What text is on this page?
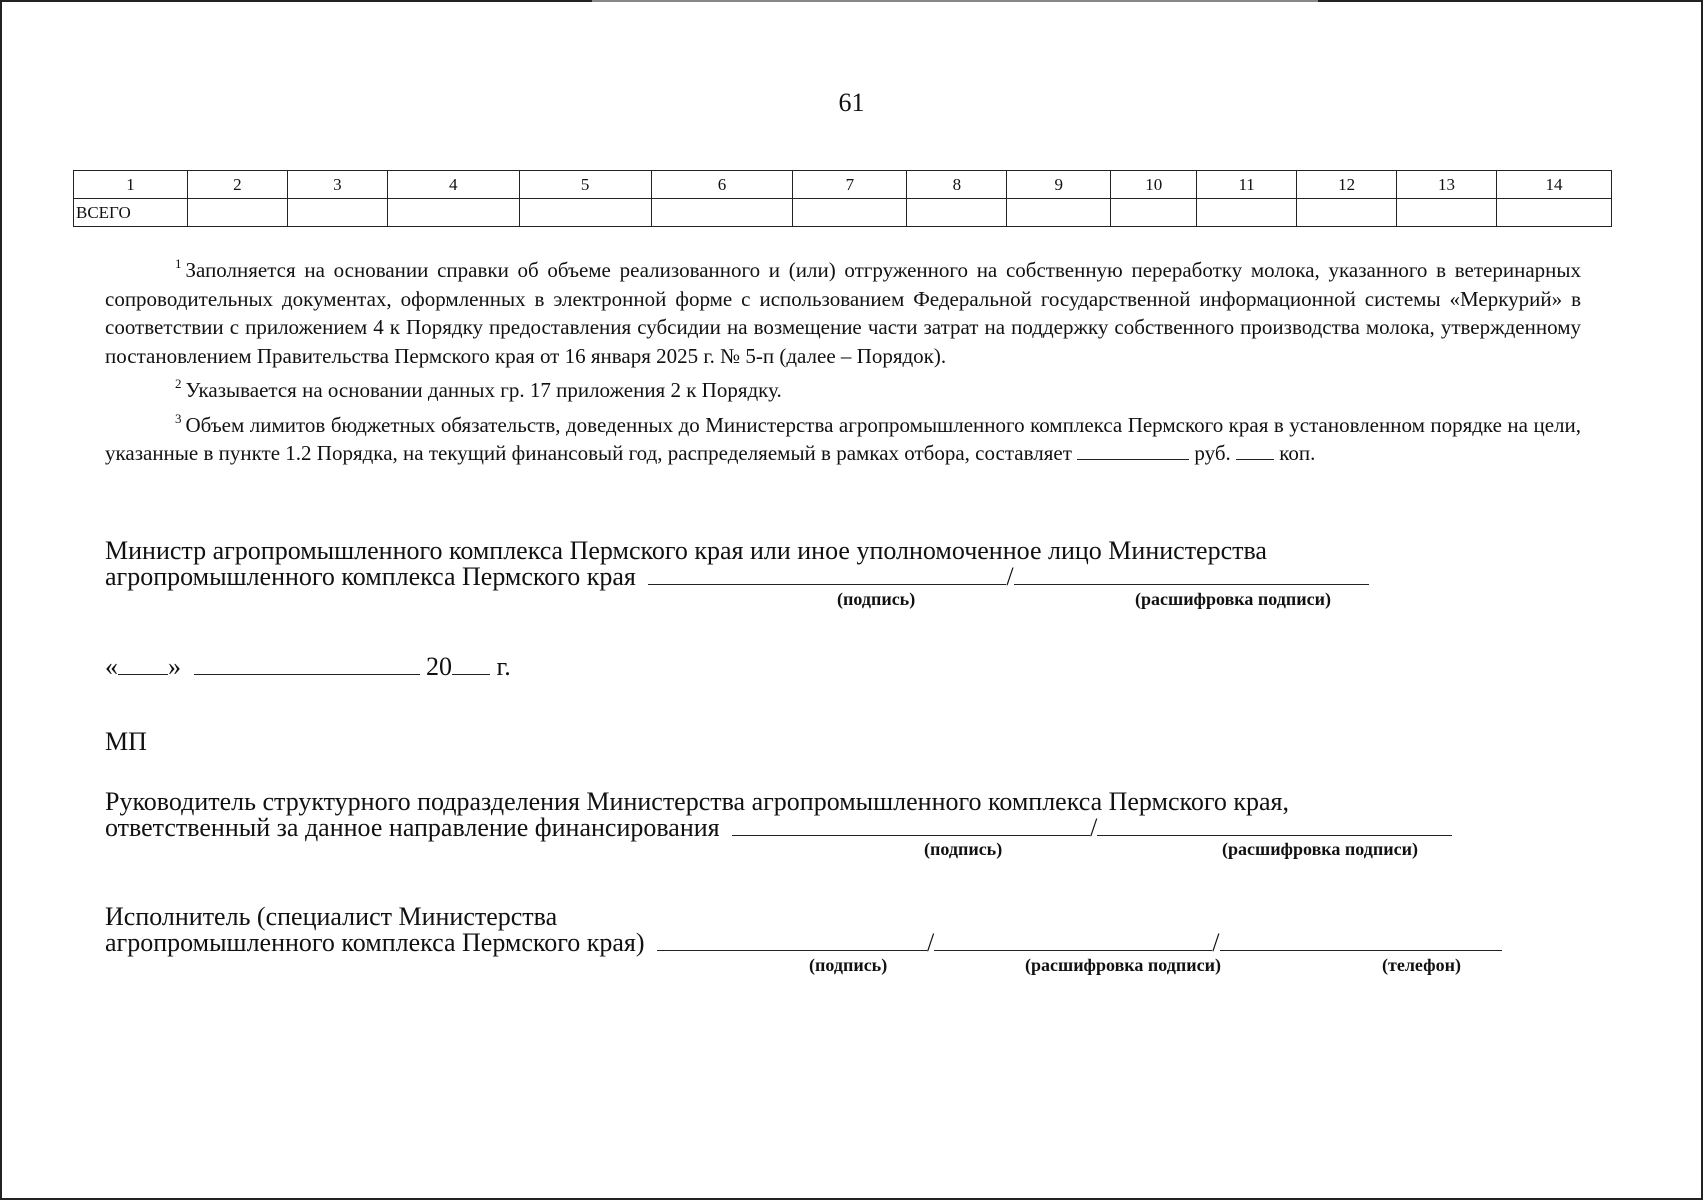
61
1	2	3	4	5	6	7	8	9	10	11	12	13	14
ВСЕГО													

$^1$ Заполняется на основании справки об объеме реализованного и (или) отгруженного на собственную переработку молока, указанного в ветеринарных сопроводительных документах, оформленных в электронной форме с использованием Федеральной государственной информационной системы «Меркурий» в соответствии с приложением 4 к Порядку предоставления субсидии на возмещение части затрат на поддержку собственного производства молока, утвержденному постановлением Правительства Пермского края от 16 января 2025 г. № 5-п (далее – Порядок).

$^2$ Указывается на основании данных гр. 17 приложения 2 к Порядку.

$^3$ Объем лимитов бюджетных обязательств, доведенных до Министерства агропромышленного комплекса Пермского края в установленном порядке на цели, указанные в пункте 1.2 Порядка, на текущий финансовый год, распределяемый в рамках отбора, составляет	руб. коп.

Министр агропромышленного комплекса Пермского края или иное уполномоченное лицо Министерства
агропромышленного комплекса Пермского края	/
(подпись)	(расшифровка подписи)
« »	20 г.
МП
Руководитель структурного подразделения Министерства агропромышленного комплекса Пермского края,
ответственный за данное направление финансирования	/
(подпись)	(расшифровка подписи)
Исполнитель (специалист Министерства
агропромышленного комплекса Пермского края)	/	/
(подпись)	(расшифровка подписи)	(телефон)
